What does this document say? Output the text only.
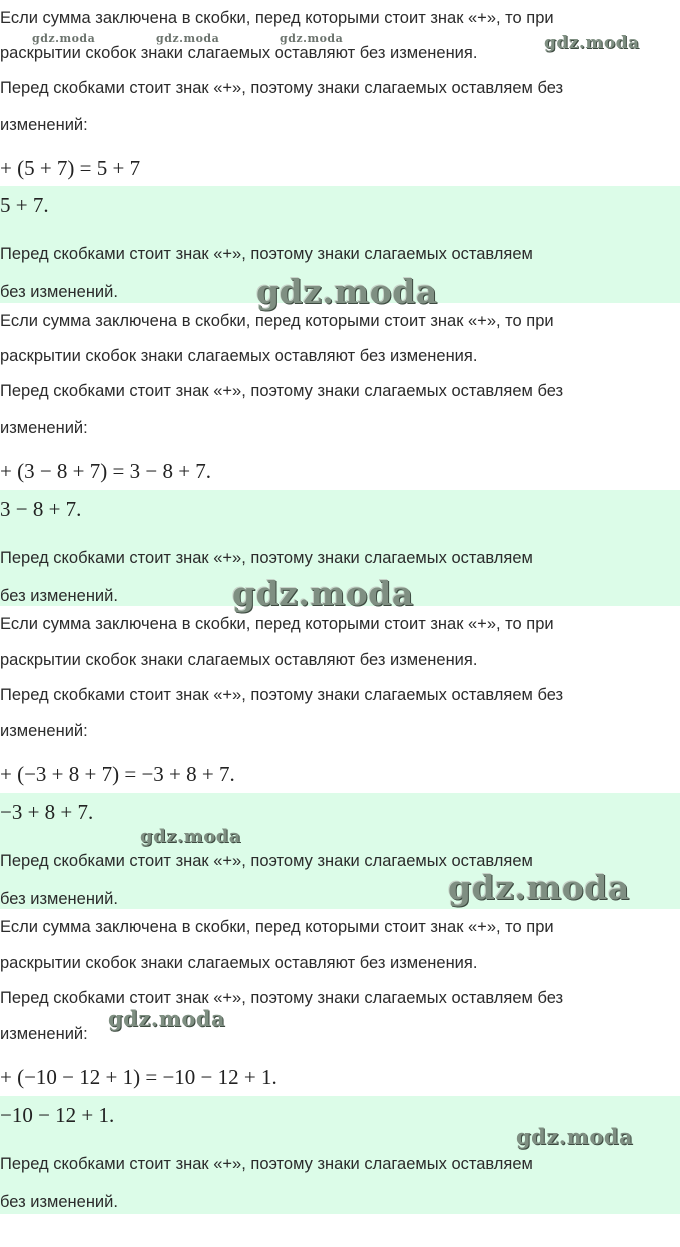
Если сумма заключена в скобки, перед которыми стоит знак «+», то при
раскрытии скобок знаки слагаемых оставляют без изменения.
Перед скобками стоит знак «+», поэтому знаки слагаемых оставляем без
изменений:
+ (5 + 7) = 5 + 7
5 + 7.
Перед скобками стоит знак «+», поэтому знаки слагаемых оставляем
без изменений.
Если сумма заключена в скобки, перед которыми стоит знак «+», то при
раскрытии скобок знаки слагаемых оставляют без изменения.
Перед скобками стоит знак «+», поэтому знаки слагаемых оставляем без
изменений:
+ (3 − 8 + 7) = 3 − 8 + 7.
3 − 8 + 7.
Перед скобками стоит знак «+», поэтому знаки слагаемых оставляем
без изменений.
Если сумма заключена в скобки, перед которыми стоит знак «+», то при
раскрытии скобок знаки слагаемых оставляют без изменения.
Перед скобками стоит знак «+», поэтому знаки слагаемых оставляем без
изменений:
+ (−3 + 8 + 7) = −3 + 8 + 7.
−3 + 8 + 7.
Перед скобками стоит знак «+», поэтому знаки слагаемых оставляем
без изменений.
Если сумма заключена в скобки, перед которыми стоит знак «+», то при
раскрытии скобок знаки слагаемых оставляют без изменения.
Перед скобками стоит знак «+», поэтому знаки слагаемых оставляем без
изменений:
+ (−10 − 12 + 1) = −10 − 12 + 1.
−10 − 12 + 1.
Перед скобками стоит знак «+», поэтому знаки слагаемых оставляем
без изменений.
gdz.moda	gdz.moda	gdz.moda	gdz.moda
gdz.moda
gdz.moda
gdz.moda
gdz.moda
gdz.moda
gdz.moda
